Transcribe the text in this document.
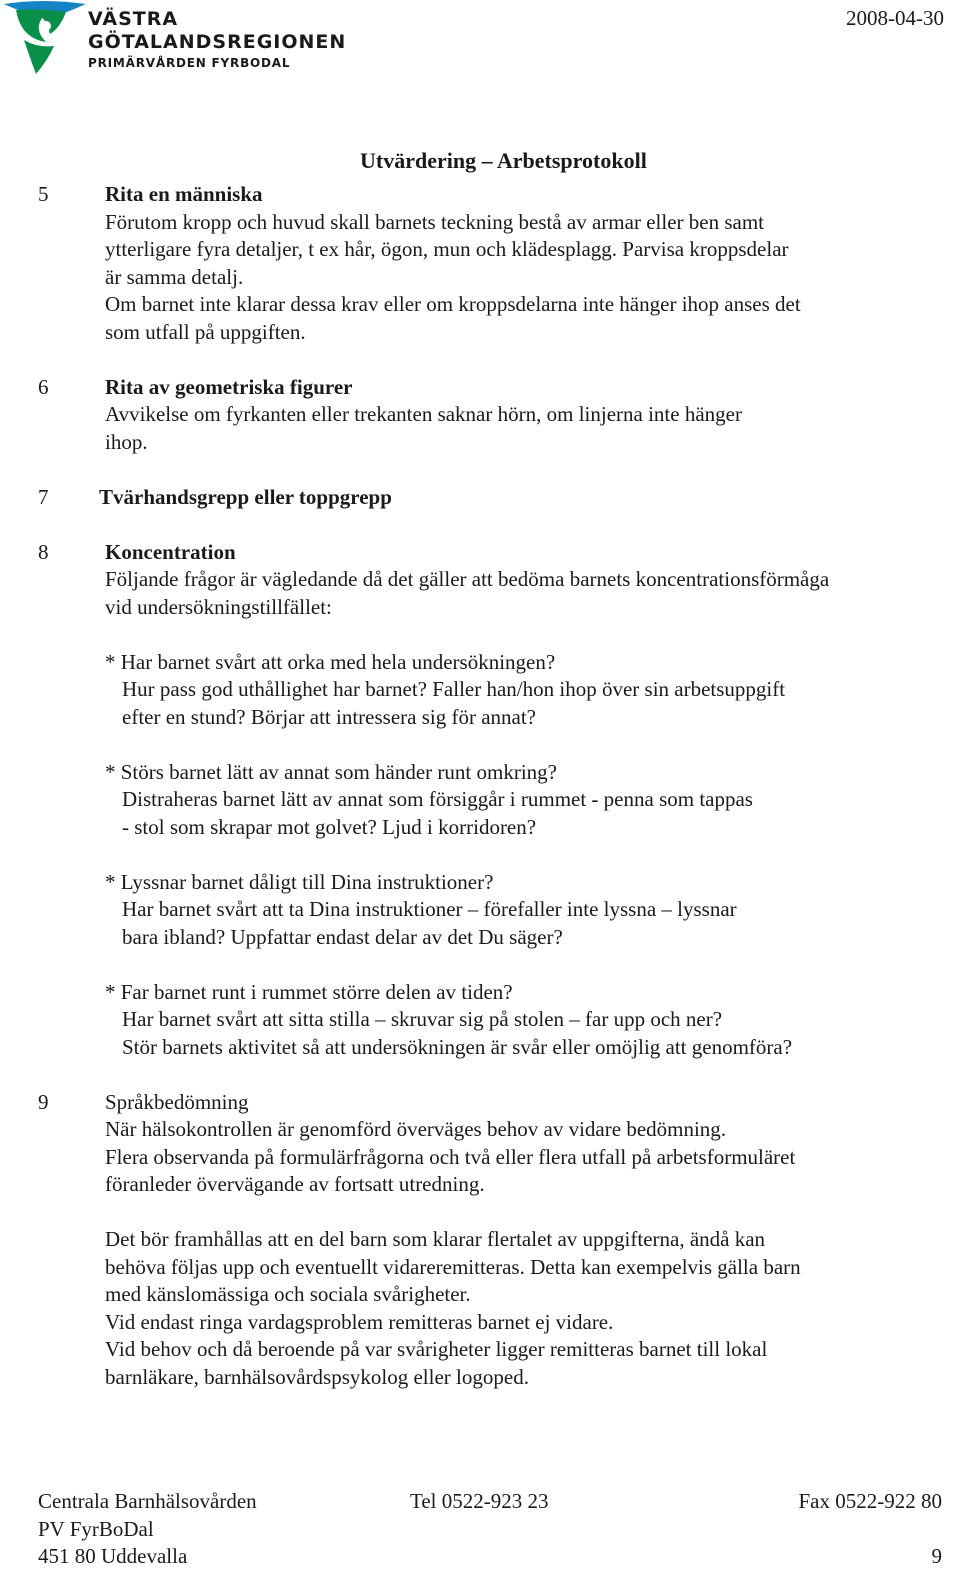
VÄSTRA
GÖTALANDSREGIONEN
PRIMÄRVÅRDEN FYRBODAL
2008-04-30
Utvärdering – Arbetsprotokoll
5	Rita en människa
Förutom kropp och huvud skall barnets teckning bestå av armar eller ben samt
ytterligare fyra detaljer, t ex hår, ögon, mun och klädesplagg. Parvisa kroppsdelar
är samma detalj.
Om barnet inte klarar dessa krav eller om kroppsdelarna inte hänger ihop anses det
som utfall på uppgiften.
6	Rita av geometriska figurer
Avvikelse om fyrkanten eller trekanten saknar hörn, om linjerna inte hänger
ihop.
7 Tvärhandsgrepp eller toppgrepp
8	Koncentration
Följande frågor är vägledande då det gäller att bedöma barnets koncentrationsförmåga
vid undersökningstillfället:
* Har barnet svårt att orka med hela undersökningen?
Hur pass god uthållighet har barnet? Faller han/hon ihop över sin arbetsuppgift
efter en stund? Börjar att intressera sig för annat?
* Störs barnet lätt av annat som händer runt omkring?
Distraheras barnet lätt av annat som försiggår i rummet - penna som tappas
- stol som skrapar mot golvet? Ljud i korridoren?
* Lyssnar barnet dåligt till Dina instruktioner?
Har barnet svårt att ta Dina instruktioner – förefaller inte lyssna – lyssnar
bara ibland? Uppfattar endast delar av det Du säger?
* Far barnet runt i rummet större delen av tiden?
Har barnet svårt att sitta stilla – skruvar sig på stolen – far upp och ner?
Stör barnets aktivitet så att undersökningen är svår eller omöjlig att genomföra?
9	Språkbedömning
När hälsokontrollen är genomförd överväges behov av vidare bedömning.
Flera observanda på formulärfrågorna och två eller flera utfall på arbetsformuläret
föranleder övervägande av fortsatt utredning.
Det bör framhållas att en del barn som klarar flertalet av uppgifterna, ändå kan
behöva följas upp och eventuellt vidareremitteras. Detta kan exempelvis gälla barn
med känslomässiga och sociala svårigheter.
Vid endast ringa vardagsproblem remitteras barnet ej vidare.
Vid behov och då beroende på var svårigheter ligger remitteras barnet till lokal
barnläkare, barnhälsovårdspsykolog eller logoped.
Centrala Barnhälsovården
PV FyrBoDal
451 80 Uddevalla
Tel 0522-923 23	Fax 0522-922 80
9
